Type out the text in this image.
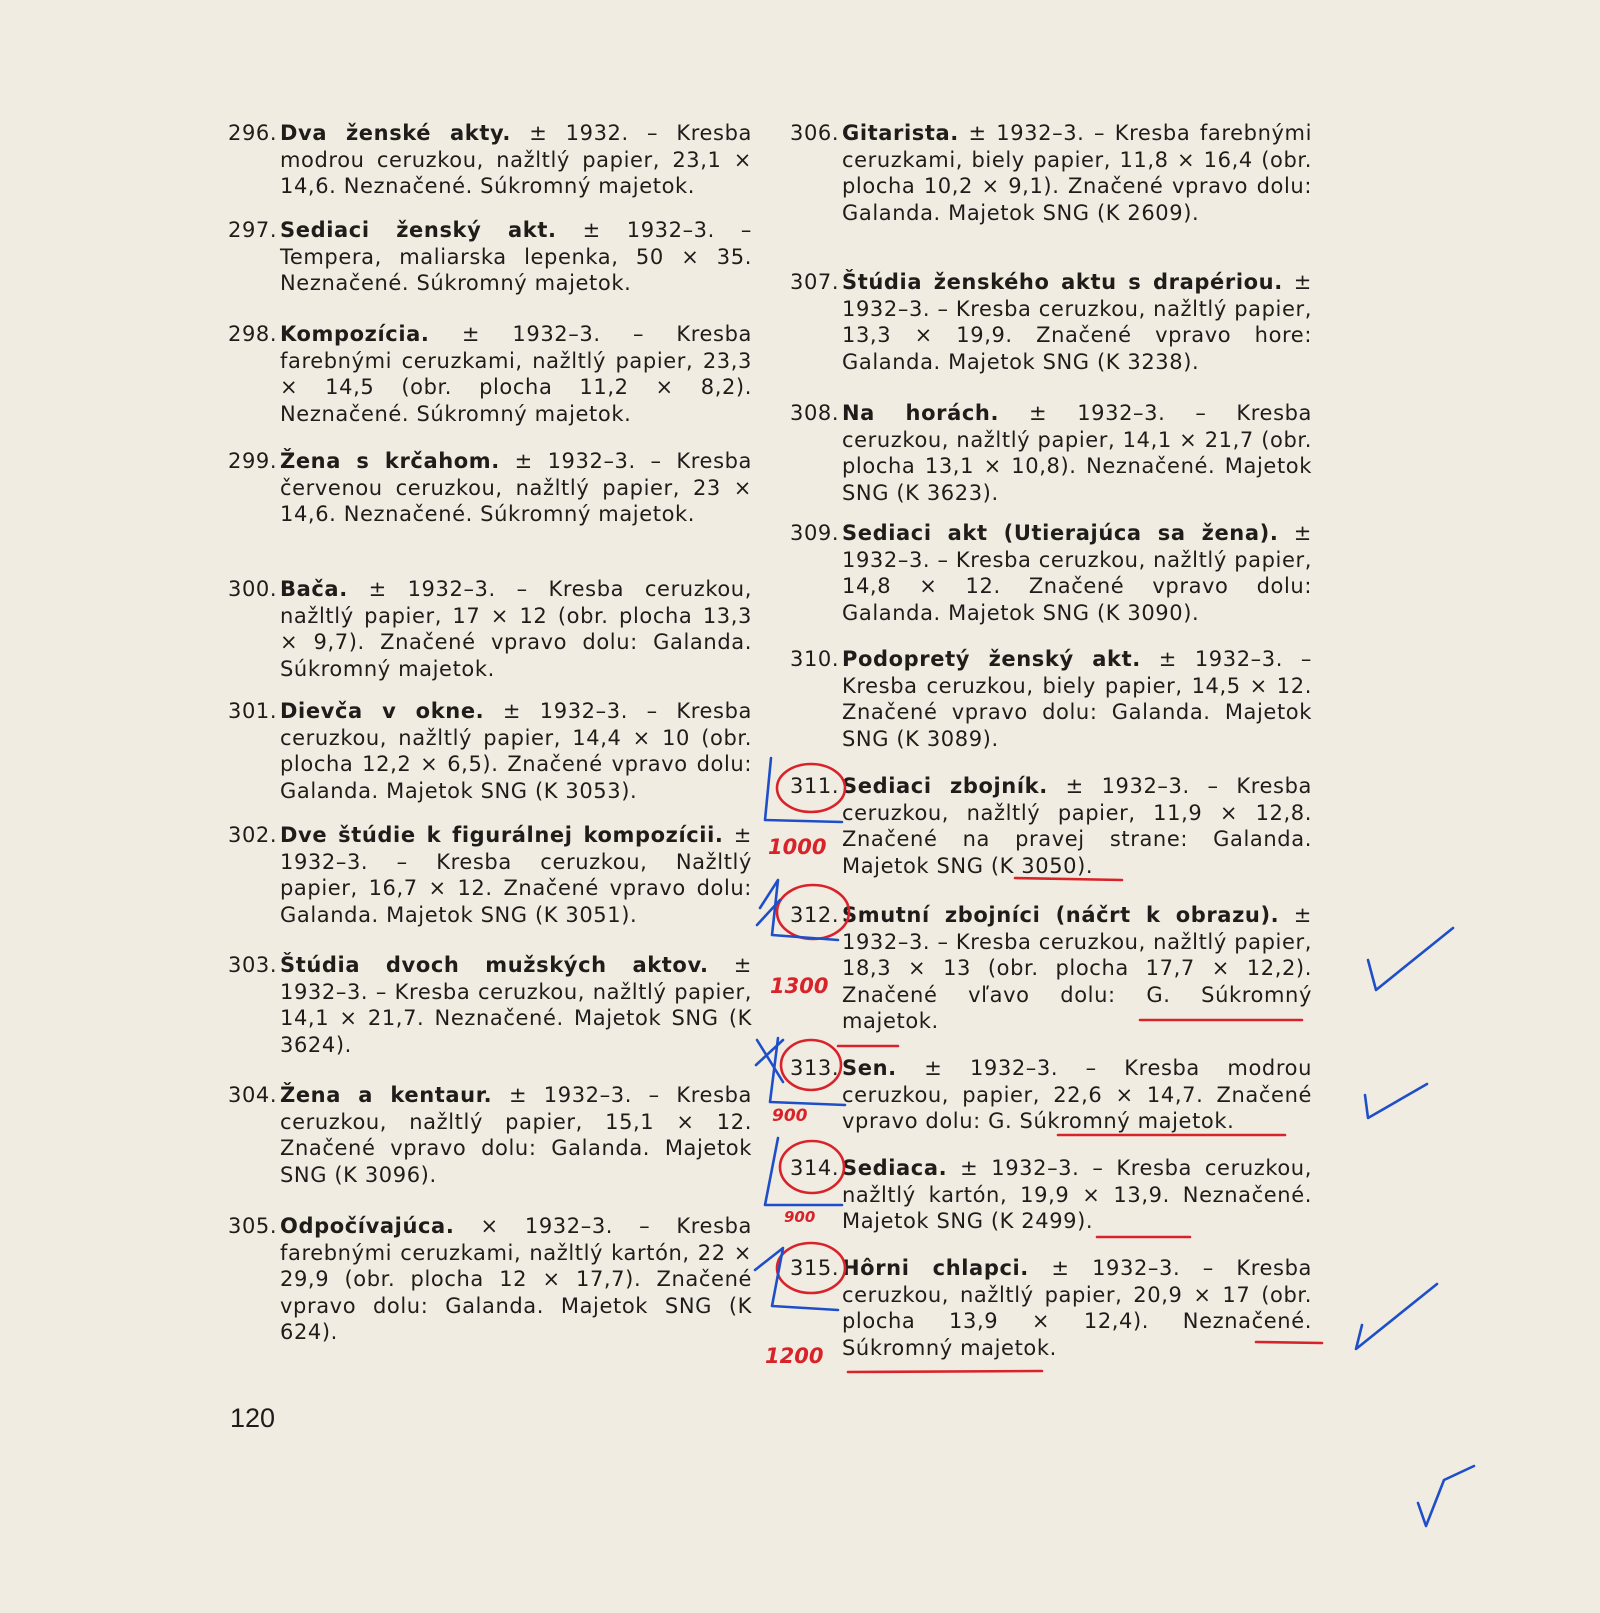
296. Dva ženské akty. ± 1932. – Kresba modrou ceruzkou, nažltlý papier, 23,1 × 14,6. Neznačené. Súkromný majetok.
297. Sediaci ženský akt. ± 1932–3. – Tempera, maliarska lepenka, 50 × 35. Neznačené. Súkromný majetok.
298. Kompozícia. ± 1932–3. – Kresba farebnými ceruzkami, nažltlý papier, 23,3 × 14,5 (obr. plocha 11,2 × 8,2). Neznačené. Súkromný majetok.
299. Žena s krčahom. ± 1932–3. – Kresba červenou ceruzkou, nažltlý papier, 23 × 14,6. Neznačené. Súkromný majetok.
300. Bača. ± 1932–3. – Kresba ceruzkou, nažltlý papier, 17 × 12 (obr. plocha 13,3 × 9,7). Značené vpravo dolu: Galanda. Súkromný majetok.
301. Dievča v okne. ± 1932–3. – Kresba ceruzkou, nažltlý papier, 14,4 × 10 (obr. plocha 12,2 × 6,5). Značené vpravo dolu: Galanda. Majetok SNG (K 3053).
302. Dve štúdie k figurálnej kompozícii. ± 1932–3. – Kresba ceruzkou, Nažltlý papier, 16,7 × 12. Značené vpravo dolu: Galanda. Majetok SNG (K 3051).
303. Štúdia dvoch mužských aktov. ± 1932–3. – Kresba ceruzkou, nažltlý papier, 14,1 × 21,7. Neznačené. Majetok SNG (K 3624).
304. Žena a kentaur. ± 1932–3. – Kresba ceruzkou, nažltlý papier, 15,1 × 12. Značené vpravo dolu: Galanda. Majetok SNG (K 3096).
305. Odpočívajúca. × 1932–3. – Kresba farebnými ceruzkami, nažltlý kartón, 22 × 29,9 (obr. plocha 12 × 17,7). Značené vpravo dolu: Galanda. Majetok SNG (K 624).
306. Gitarista. ± 1932–3. – Kresba farebnými ceruzkami, biely papier, 11,8 × 16,4 (obr. plocha 10,2 × 9,1). Značené vpravo dolu: Galanda. Majetok SNG (K 2609).
307. Štúdia ženského aktu s drapériou. ± 1932–3. – Kresba ceruzkou, nažltlý papier, 13,3 × 19,9. Značené vpravo hore: Galanda. Majetok SNG (K 3238).
308. Na horách. ± 1932–3. – Kresba ceruzkou, nažltlý papier, 14,1 × 21,7 (obr. plocha 13,1 × 10,8). Neznačené. Majetok SNG (K 3623).
309. Sediaci akt (Utierajúca sa žena). ± 1932–3. – Kresba ceruzkou, nažltlý papier, 14,8 × 12. Značené vpravo dolu: Galanda. Majetok SNG (K 3090).
310. Podopretý ženský akt. ± 1932–3. – Kresba ceruzkou, biely papier, 14,5 × 12. Značené vpravo dolu: Galanda. Majetok SNG (K 3089).
311. Sediaci zbojník. ± 1932–3. – Kresba ceruzkou, nažltlý papier, 11,9 × 12,8. Značené na pravej strane: Galanda. Majetok SNG (K 3050).
312. Smutní zbojníci (náčrt k obrazu). ± 1932–3. – Kresba ceruzkou, nažltlý papier, 18,3 × 13 (obr. plocha 17,7 × 12,2). Značené vľavo dolu: G. Súkromný majetok.
313. Sen. ± 1932–3. – Kresba modrou ceruzkou, papier, 22,6 × 14,7. Značené vpravo dolu: G. Súkromný majetok.
314. Sediaca. ± 1932–3. – Kresba ceruzkou, nažltlý kartón, 19,9 × 13,9. Neznačené. Majetok SNG (K 2499).
315. Hôrni chlapci. ± 1932–3. – Kresba ceruzkou, nažltlý papier, 20,9 × 17 (obr. plocha 13,9 × 12,4). Neznačené. Súkromný majetok.
120
1000
1300
900
900
1200
